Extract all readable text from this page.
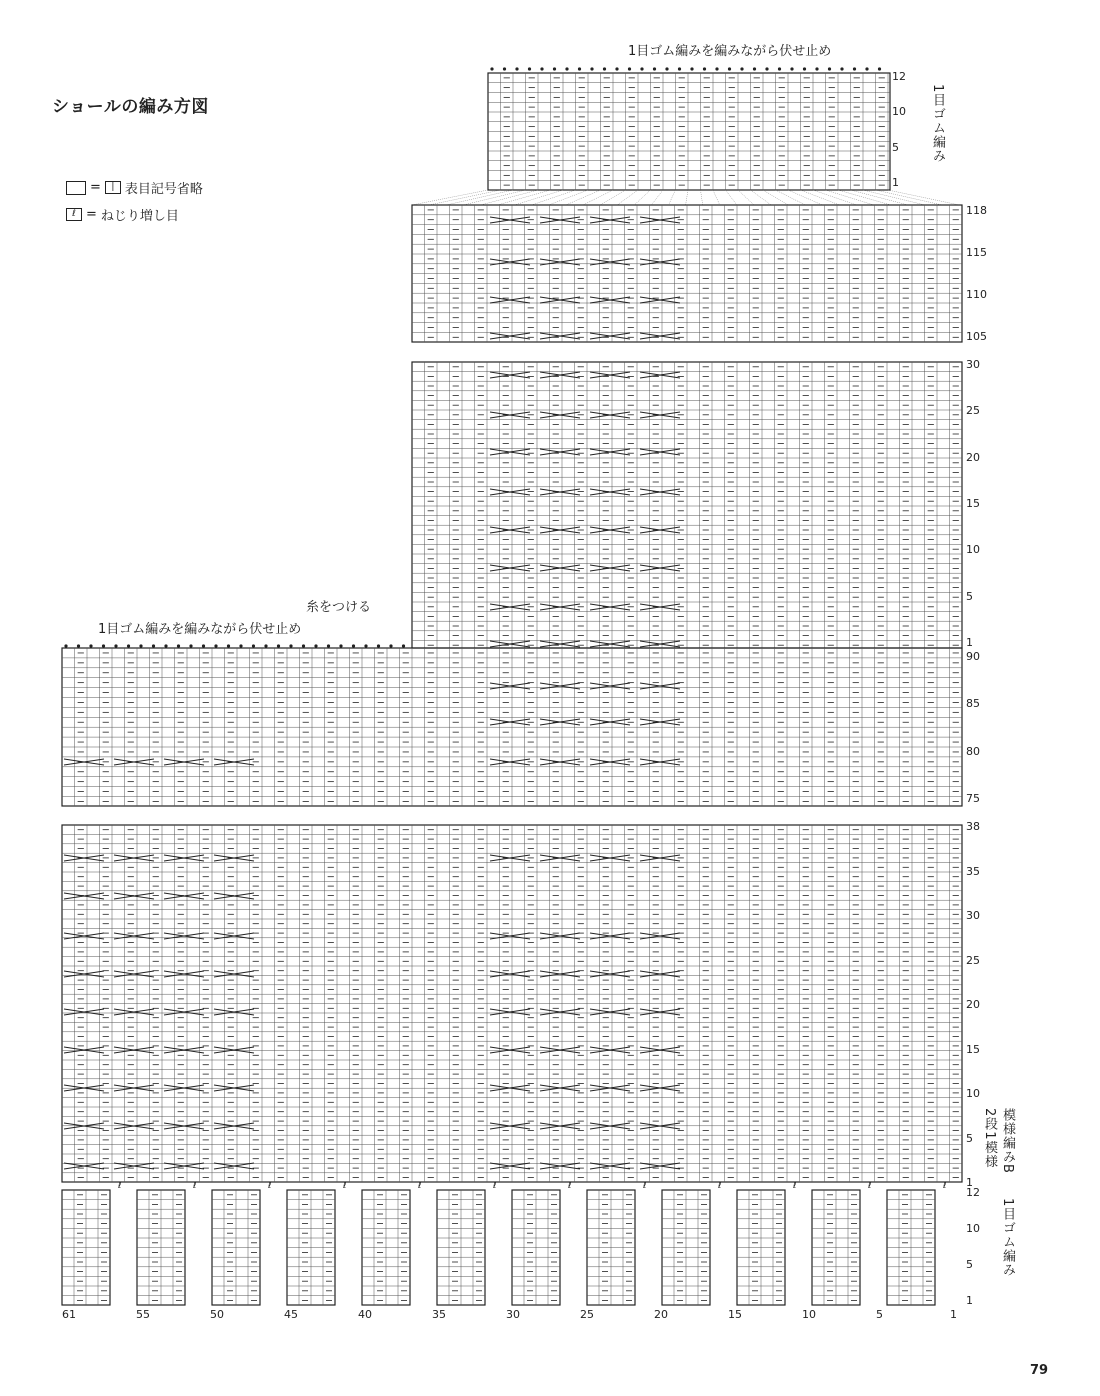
ショールの編み方図
=	| 表目記号省略
ℓ = ねじり増し目
1目ゴム編みを編みながら伏せ止め
1目ゴム編みを編みながら伏せ止め
糸をつける
1目ゴム編み
1目ゴム編み
模様編みB
2段1模様
79
ℓ	ℓ	ℓ	ℓ	ℓ	ℓ	ℓ	ℓ	ℓ	ℓ	ℓ	ℓ
12
10
5
1
118
115
110
105
30
25
20
15
10
5
1
90
85
80
75
38
35
30
25
20
15
10
5
1
12
10
5
1
61	55	50	45	40	35	30	25	20	15	10	5	1
